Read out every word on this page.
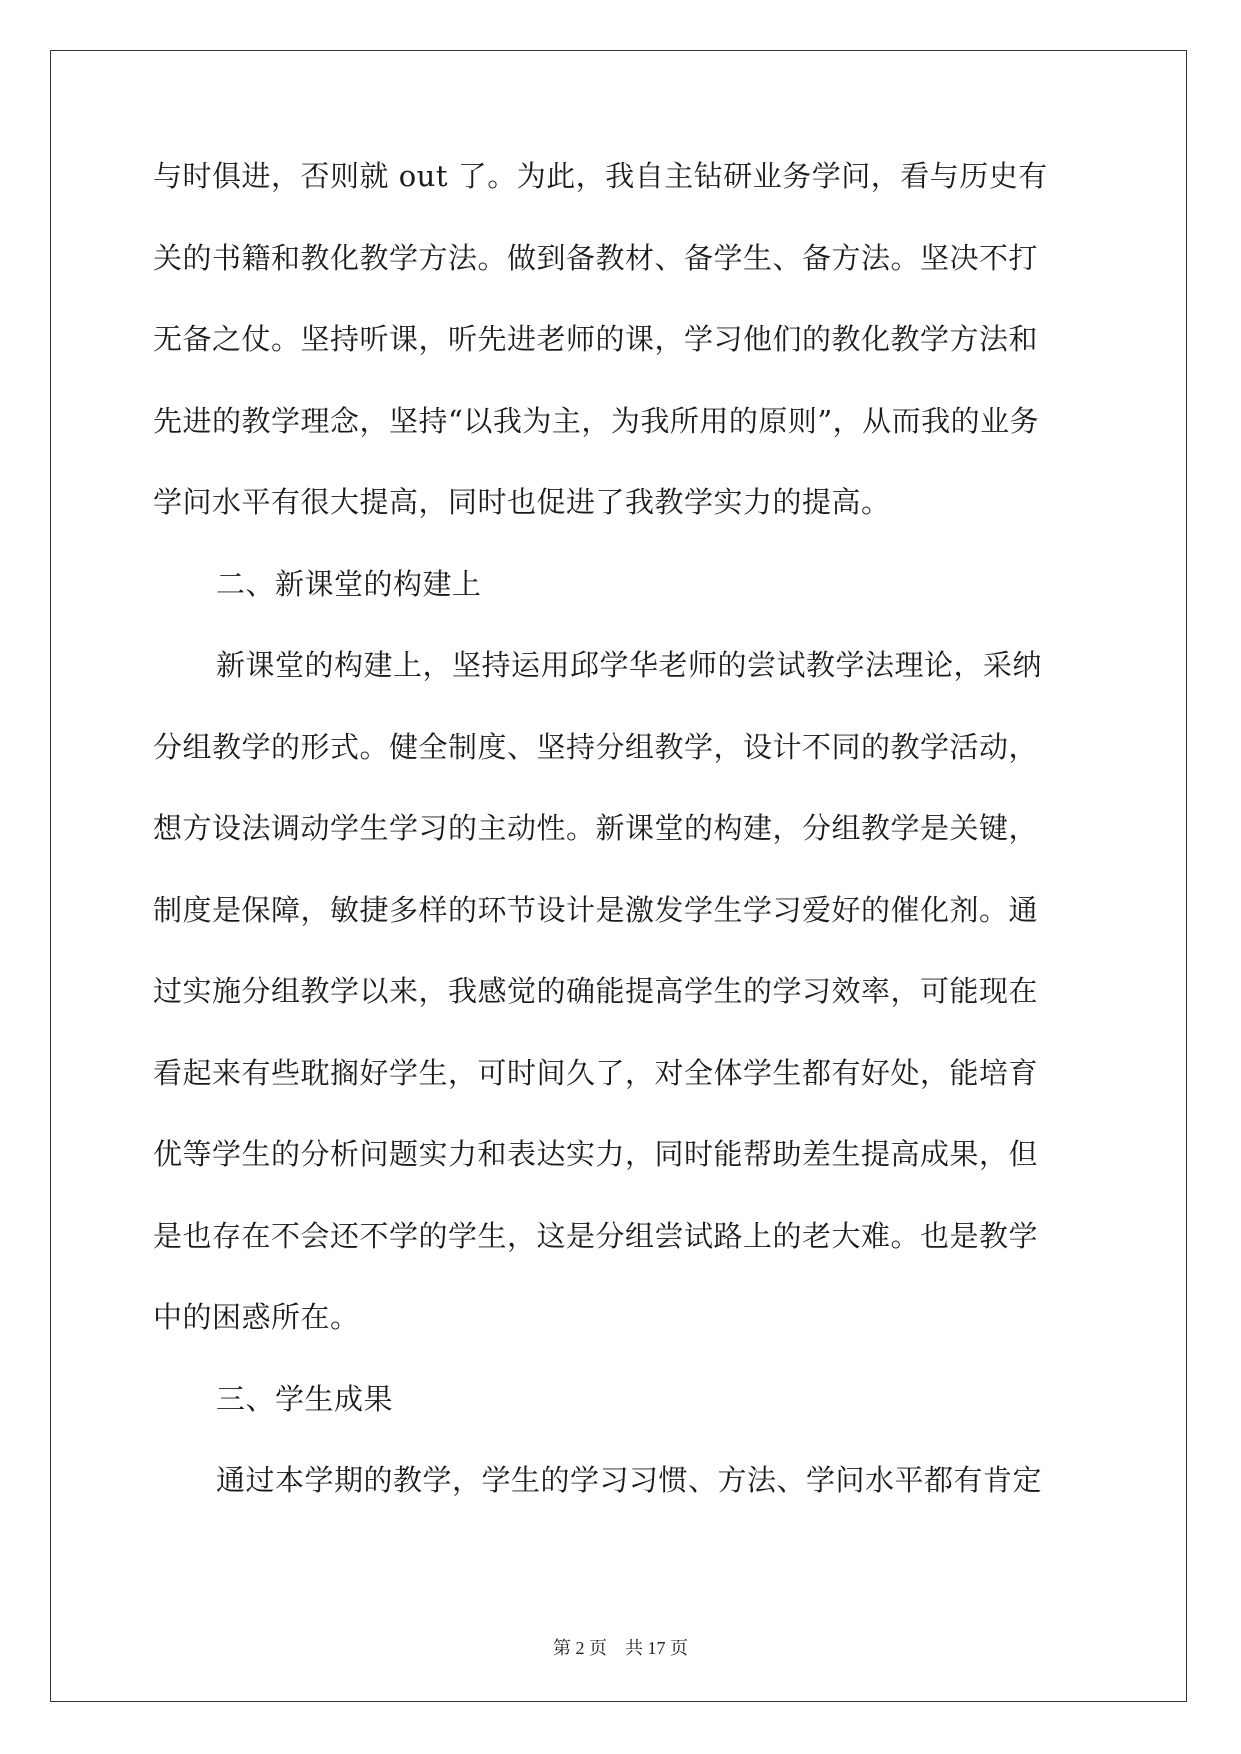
与时俱进，否则就 out 了。为此，我自主钻研业务学问，看与历史有
关的书籍和教化教学方法。做到备教材、备学生、备方法。坚决不打
无备之仗。坚持听课，听先进老师的课，学习他们的教化教学方法和
先进的教学理念，坚持“以我为主，为我所用的原则”，从而我的业务
学问水平有很大提高，同时也促进了我教学实力的提高。
二、新课堂的构建上
新课堂的构建上，坚持运用邱学华老师的尝试教学法理论，采纳
分组教学的形式。健全制度、坚持分组教学，设计不同的教学活动，
想方设法调动学生学习的主动性。新课堂的构建，分组教学是关键，
制度是保障，敏捷多样的环节设计是激发学生学习爱好的催化剂。通
过实施分组教学以来，我感觉的确能提高学生的学习效率，可能现在
看起来有些耽搁好学生，可时间久了，对全体学生都有好处，能培育
优等学生的分析问题实力和表达实力，同时能帮助差生提高成果，但
是也存在不会还不学的学生，这是分组尝试路上的老大难。也是教学
中的困惑所在。
三、学生成果
通过本学期的教学，学生的学习习惯、方法、学问水平都有肯定
第 2 页　共 17 页
